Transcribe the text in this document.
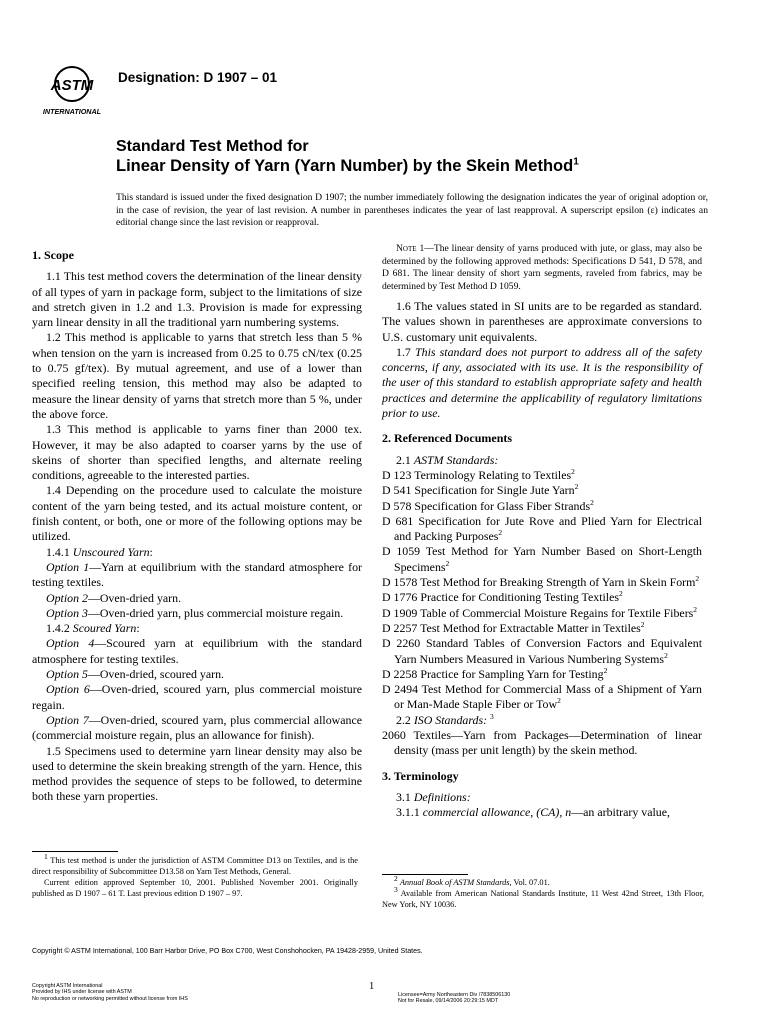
ASTM
INTERNATIONAL
Designation: D 1907 – 01
Standard Test Method for
Linear Density of Yarn (Yarn Number) by the Skein Method$^1$
This standard is issued under the fixed designation D 1907; the number immediately following the designation indicates the year of original adoption or, in the case of revision, the year of last revision. A number in parentheses indicates the year of last reapproval. A superscript epsilon (ε) indicates an editorial change since the last revision or reapproval.

1. Scope

1.1 This test method covers the determination of the linear density of all types of yarn in package form, subject to the limitations of size and stretch given in 1.2 and 1.3. Provision is made for expressing yarn linear density in all the traditional yarn numbering systems.

1.2 This method is applicable to yarns that stretch less than 5 % when tension on the yarn is increased from 0.25 to 0.75 cN/tex (0.25 to 0.75 gf/tex). By mutual agreement, and use of a lower than specified reeling tension, this method may also be adapted to measure the linear density of yarns that stretch more than 5 %, under the above force.

1.3 This method is applicable to yarns finer than 2000 tex. However, it may be also adapted to coarser yarns by the use of skeins of shorter than specified lengths, and alternate reeling conditions, agreeable to the interested parties.

1.4 Depending on the procedure used to calculate the moisture content of the yarn being tested, and its actual moisture content, or finish content, or both, one or more of the following options may be utilized.

1.4.1 Unscoured Yarn:

Option 1—Yarn at equilibrium with the standard atmosphere for testing textiles.

Option 2—Oven-dried yarn.

Option 3—Oven-dried yarn, plus commercial moisture regain.

1.4.2 Scoured Yarn:

Option 4—Scoured yarn at equilibrium with the standard atmosphere for testing textiles.

Option 5—Oven-dried, scoured yarn.

Option 6—Oven-dried, scoured yarn, plus commercial moisture regain.

Option 7—Oven-dried, scoured yarn, plus commercial allowance (commercial moisture regain, plus an allowance for finish).

1.5 Specimens used to determine yarn linear density may also be used to determine the skein breaking strength of the yarn. Hence, this method provides the sequence of steps to be followed, to determine both these yarn properties.

Note 1—The linear density of yarns produced with jute, or glass, may also be determined by the following approved methods: Specifications D 541, D 578, and D 681. The linear density of short yarn segments, raveled from fabrics, may be determined by Test Method D 1059.

1.6 The values stated in SI units are to be regarded as standard. The values shown in parentheses are approximate conversions to U.S. customary unit equivalents.

1.7 This standard does not purport to address all of the safety concerns, if any, associated with its use. It is the responsibility of the user of this standard to establish appropriate safety and health practices and determine the applicability of regulatory limitations prior to use.

2. Referenced Documents

2.1 ASTM Standards:

D 123 Terminology Relating to Textiles$^2$

D 541 Specification for Single Jute Yarn$^2$

D 578 Specification for Glass Fiber Strands$^2$

D 681 Specification for Jute Rove and Plied Yarn for Electrical and Packing Purposes$^2$

D 1059 Test Method for Yarn Number Based on Short-Length Specimens$^2$

D 1578 Test Method for Breaking Strength of Yarn in Skein Form$^2$

D 1776 Practice for Conditioning Testing Textiles$^2$

D 1909 Table of Commercial Moisture Regains for Textile Fibers$^2$

D 2257 Test Method for Extractable Matter in Textiles$^2$

D 2260 Standard Tables of Conversion Factors and Equivalent Yarn Numbers Measured in Various Numbering Systems$^2$

D 2258 Practice for Sampling Yarn for Testing$^2$

D 2494 Test Method for Commercial Mass of a Shipment of Yarn or Man-Made Staple Fiber or Tow$^2$

2.2 ISO Standards: $^3$

2060 Textiles—Yarn from Packages—Determination of linear density (mass per unit length) by the skein method.

3. Terminology

3.1 Definitions:

3.1.1 commercial allowance, (CA), n—an arbitrary value,

$^1$ This test method is under the jurisdiction of ASTM Committee D13 on Textiles, and is the direct responsibility of Subcommittee D13.58 on Yarn Test Methods, General.

Current edition approved September 10, 2001. Published November 2001. Originally published as D 1907 – 61 T. Last previous edition D 1907 – 97.

$^2$ Annual Book of ASTM Standards, Vol. 07.01.

$^3$ Available from American National Standards Institute, 11 West 42nd Street, 13th Floor, New York, NY 10036.

Copyright © ASTM International, 100 Barr Harbor Drive, PO Box C700, West Conshohocken, PA 19428-2959, United States.
Copyright ASTM International
Provided by IHS under license with ASTM
No reproduction or networking permitted without license from IHS
1
Licensee=Army Northeastern Div /7838506130
Not for Resale, 09/14/2006 20:29:15 MDT
